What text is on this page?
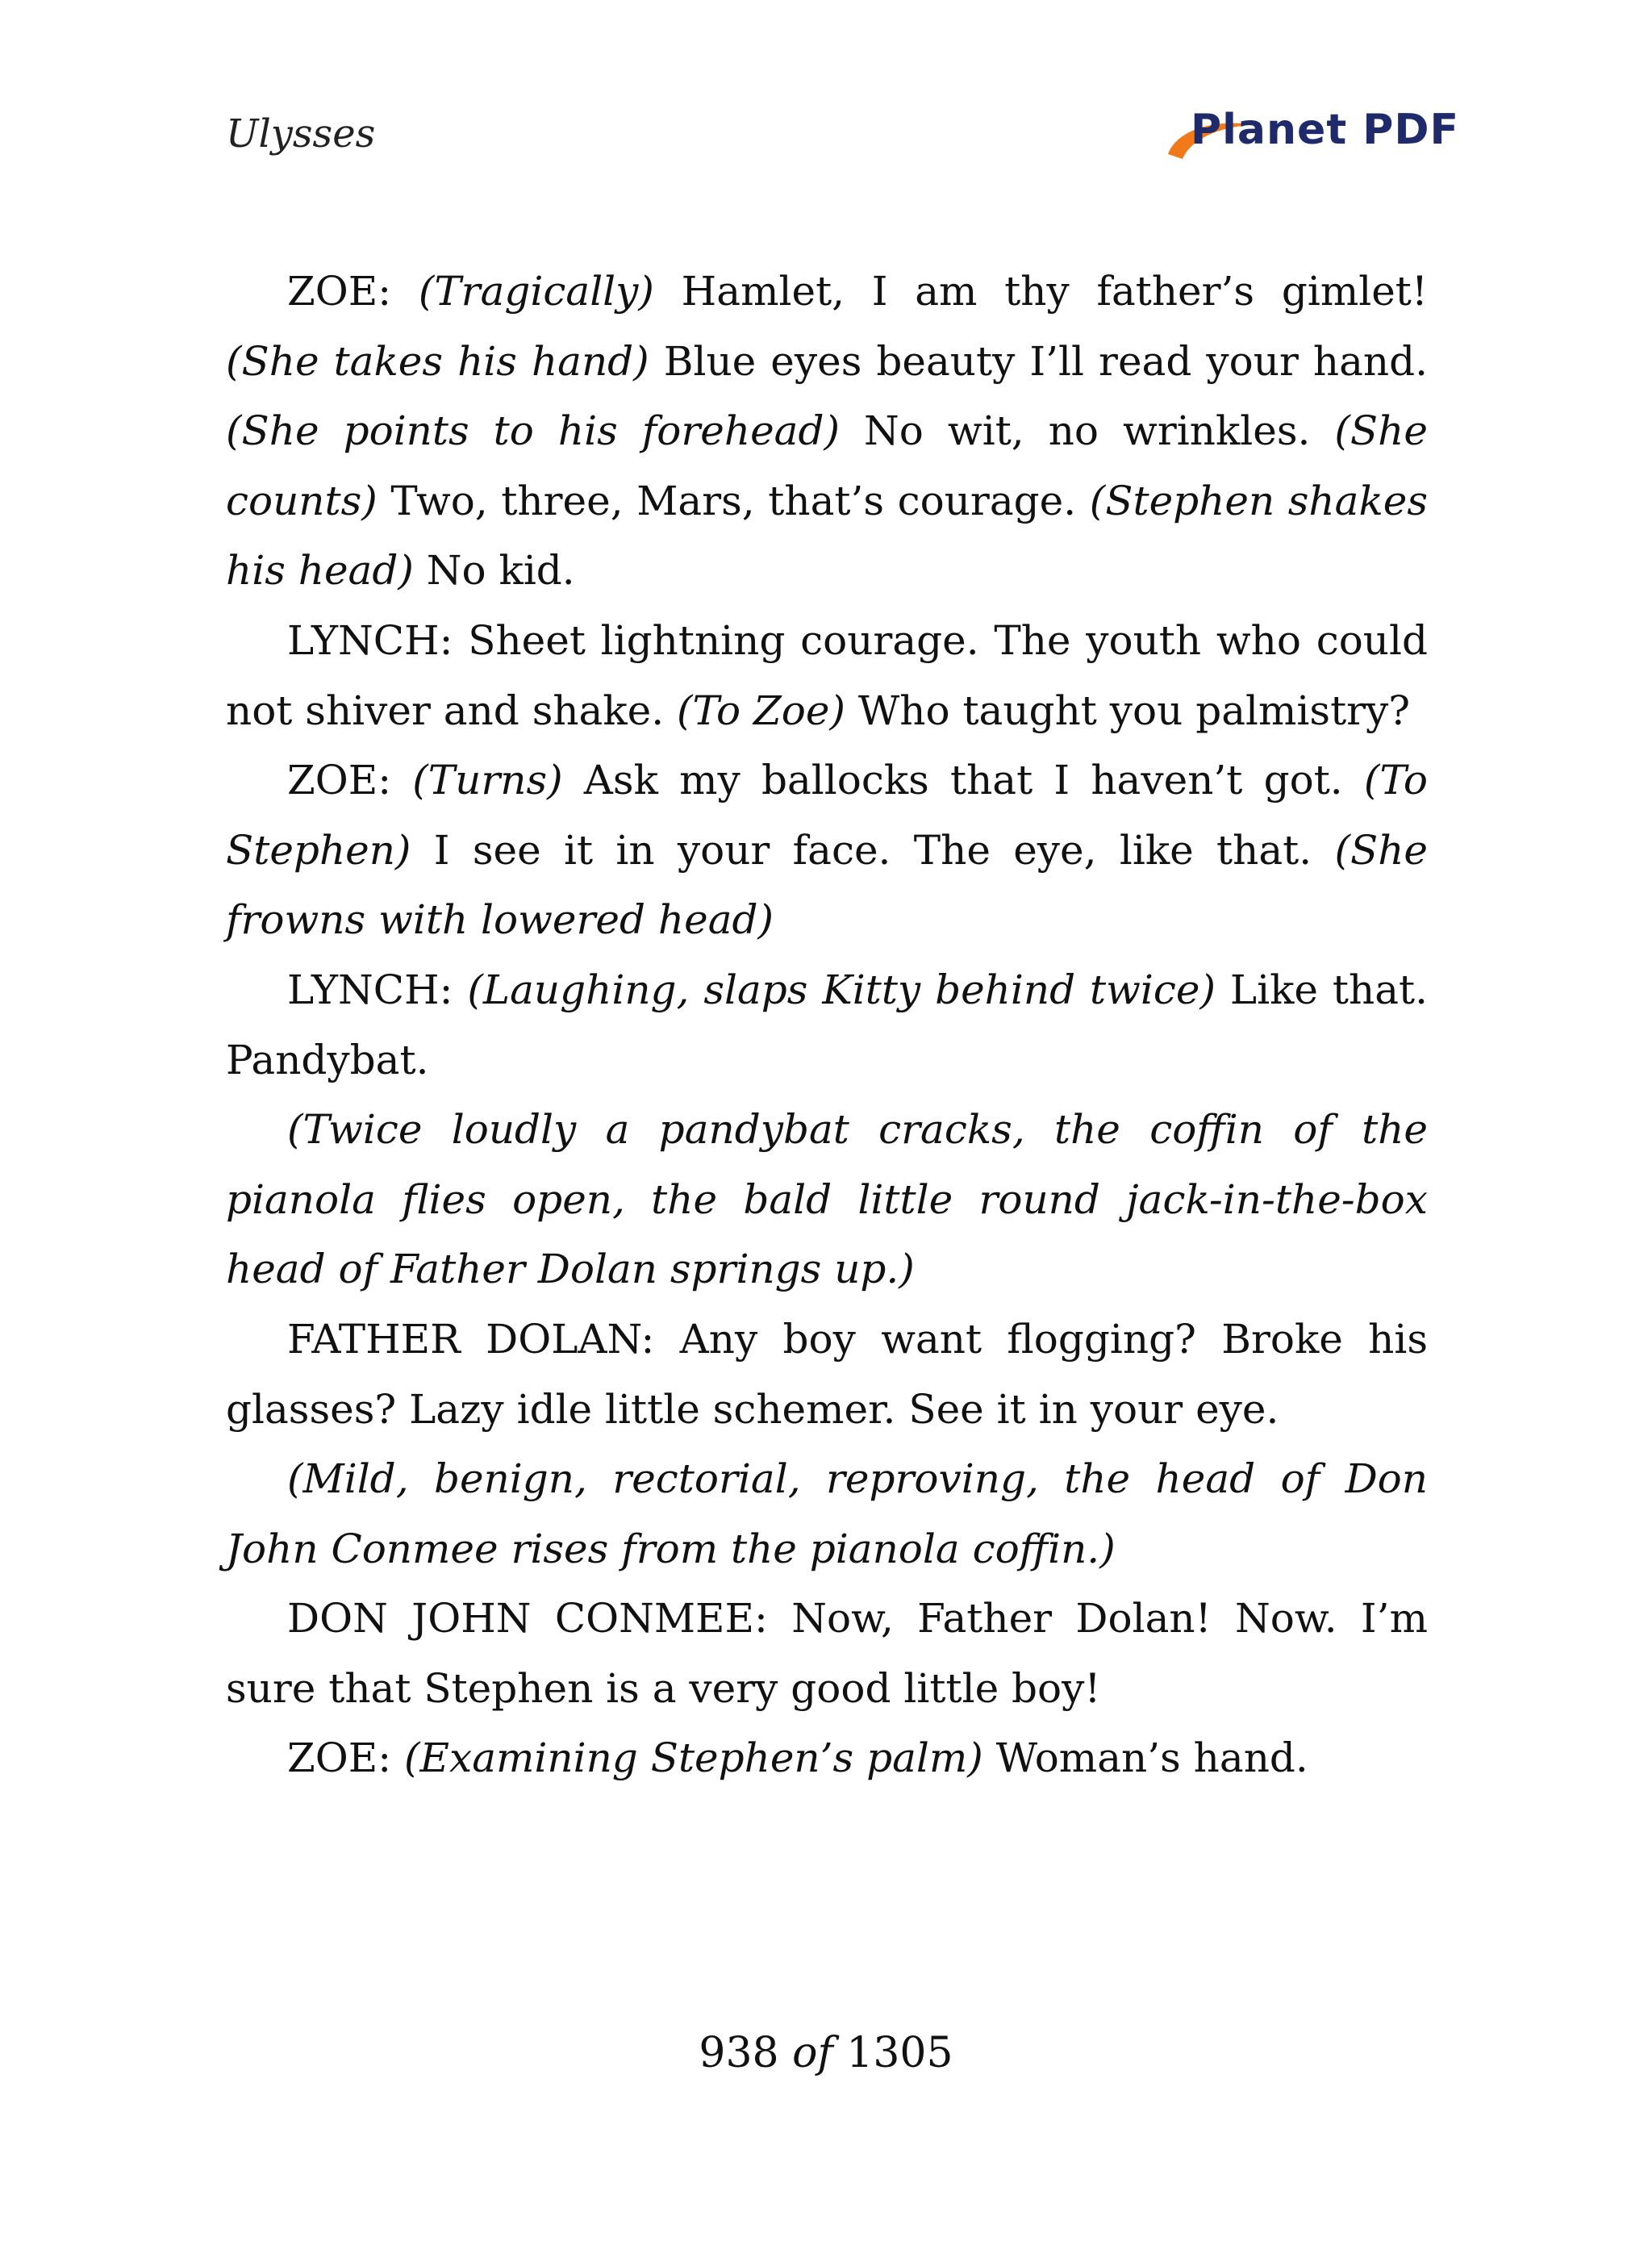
Ulysses	Planet PDF

ZOE: (Tragically) Hamlet, I am thy father’s gimlet! (She takes his hand) Blue eyes beauty I’ll read your hand. (She points to his forehead) No wit, no wrinkles. (She counts) Two, three, Mars, that’s courage. (Stephen shakes his head) No kid.

LYNCH: Sheet lightning courage. The youth who could not shiver and shake. (To Zoe) Who taught you palmistry?

ZOE: (Turns) Ask my ballocks that I haven’t got. (To Stephen) I see it in your face. The eye, like that. (She frowns with lowered head)

LYNCH: (Laughing, slaps Kitty behind twice) Like that. Pandybat.

(Twice loudly a pandybat cracks, the coffin of the pianola flies open, the bald little round jack-in-the-box head of Father Dolan springs up.)

FATHER DOLAN: Any boy want flogging? Broke his glasses? Lazy idle little schemer. See it in your eye.

(Mild, benign, rectorial, reproving, the head of Don John Conmee rises from the pianola coffin.)

DON JOHN CONMEE: Now, Father Dolan! Now. I’m sure that Stephen is a very good little boy!

ZOE: (Examining Stephen’s palm) Woman’s hand.

938 of 1305
